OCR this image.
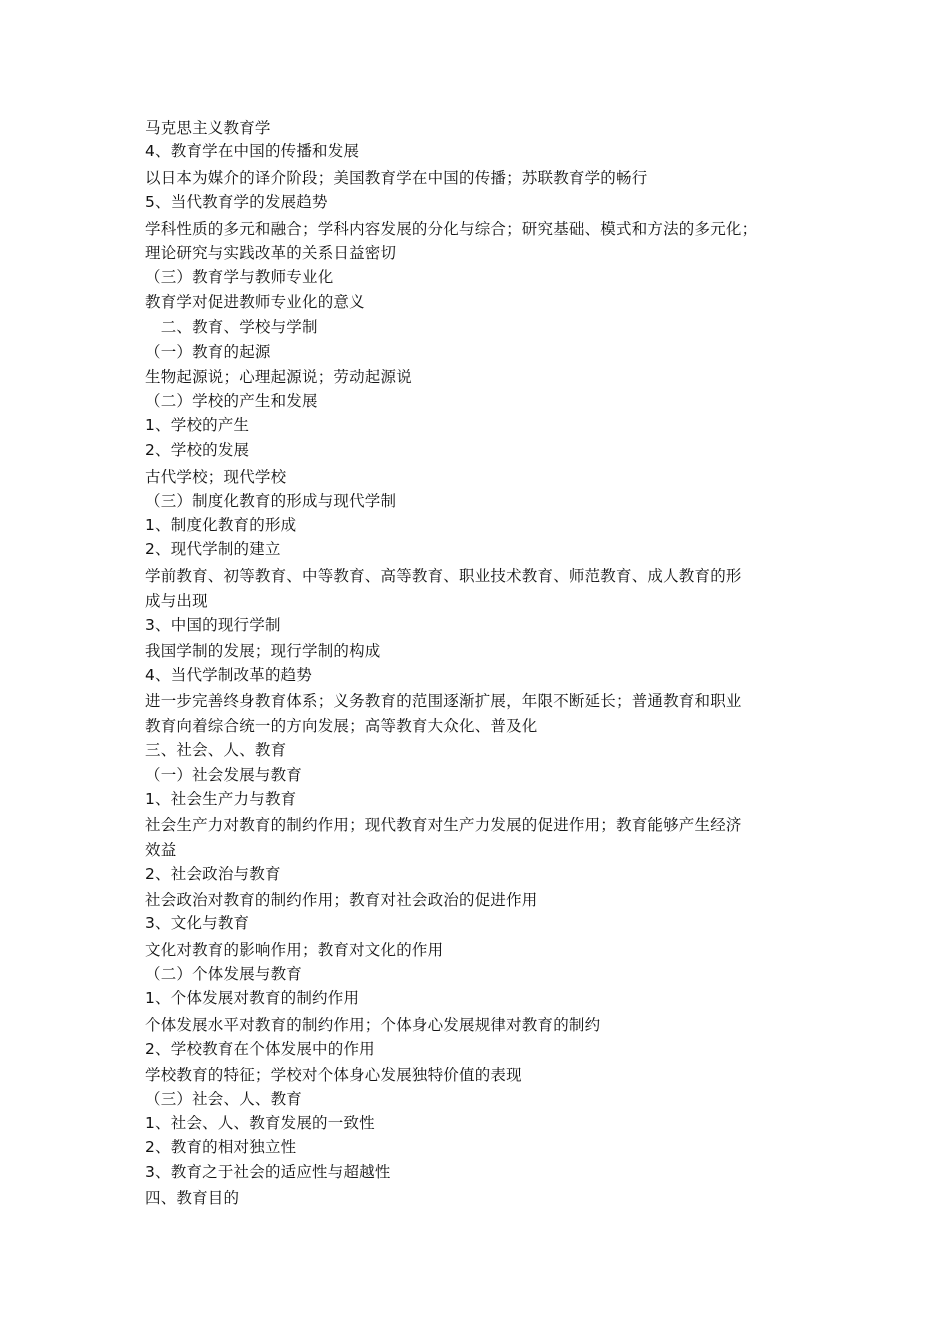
马克思主义教育学
4、教育学在中国的传播和发展
以日本为媒介的译介阶段；美国教育学在中国的传播；苏联教育学的畅行
5、当代教育学的发展趋势
学科性质的多元和融合；学科内容发展的分化与综合；研究基础、模式和方法的多元化；
理论研究与实践改革的关系日益密切
（三）教育学与教师专业化
教育学对促进教师专业化的意义
　二、教育、学校与学制
（一）教育的起源
生物起源说；心理起源说；劳动起源说
（二）学校的产生和发展
1、学校的产生
2、学校的发展
古代学校；现代学校
（三）制度化教育的形成与现代学制
1、制度化教育的形成
2、现代学制的建立
学前教育、初等教育、中等教育、高等教育、职业技术教育、师范教育、成人教育的形
成与出现
3、中国的现行学制
我国学制的发展；现行学制的构成
4、当代学制改革的趋势
进一步完善终身教育体系；义务教育的范围逐渐扩展，年限不断延长；普通教育和职业
教育向着综合统一的方向发展；高等教育大众化、普及化
三、社会、人、教育
（一）社会发展与教育
1、社会生产力与教育
社会生产力对教育的制约作用；现代教育对生产力发展的促进作用；教育能够产生经济
效益
2、社会政治与教育
社会政治对教育的制约作用；教育对社会政治的促进作用
3、文化与教育
文化对教育的影响作用；教育对文化的作用
（二）个体发展与教育
1、个体发展对教育的制约作用
个体发展水平对教育的制约作用；个体身心发展规律对教育的制约
2、学校教育在个体发展中的作用
学校教育的特征；学校对个体身心发展独特价值的表现
（三）社会、人、教育
1、社会、人、教育发展的一致性
2、教育的相对独立性
3、教育之于社会的适应性与超越性
四、教育目的
